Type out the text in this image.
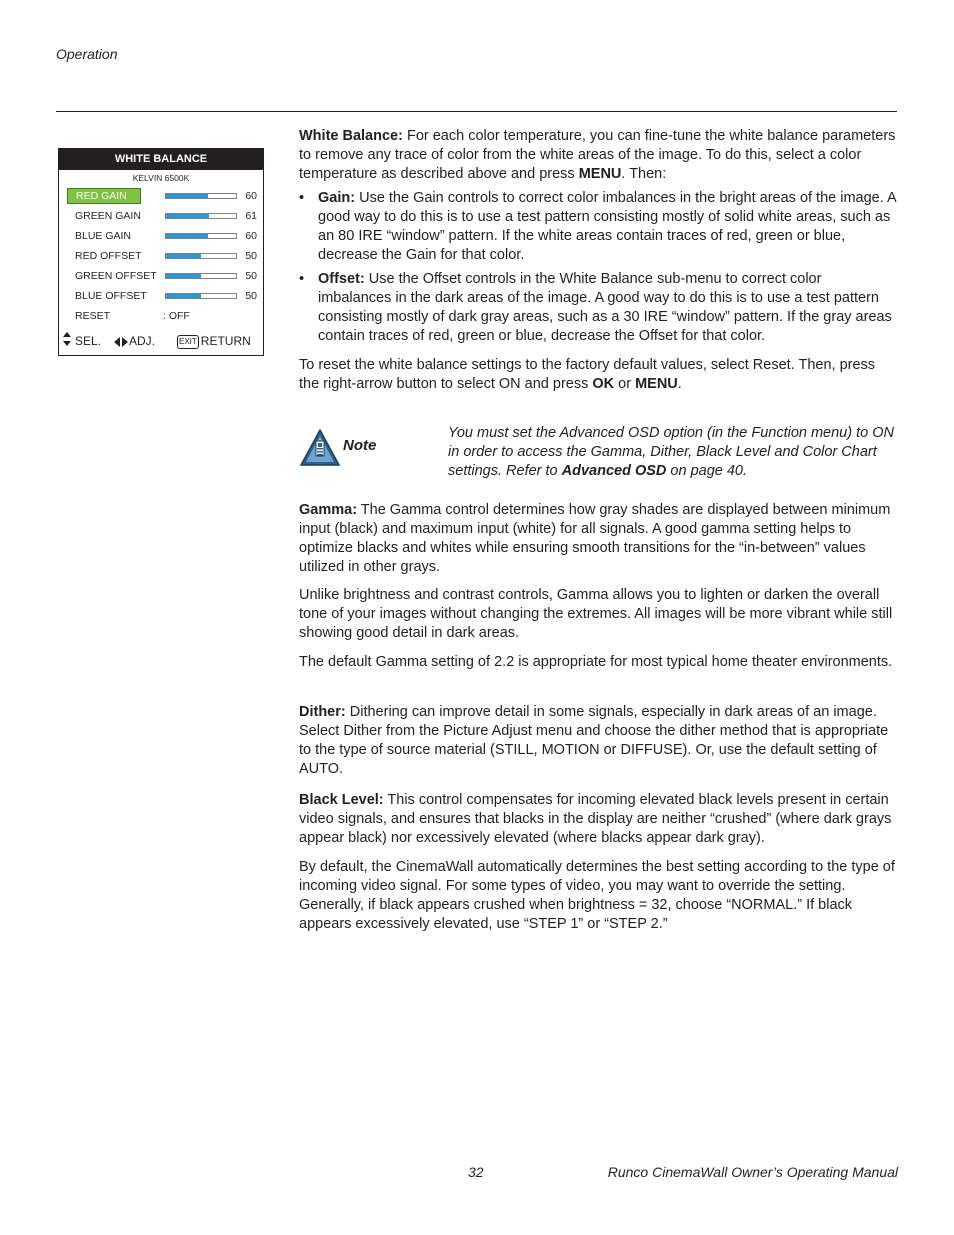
Operation
WHITE BALANCE
KELVIN 6500K
RED GAIN	60
GREEN GAIN	61
BLUE GAIN	60
RED OFFSET	50
GREEN OFFSET	50
BLUE OFFSET	50
RESET	: OFF
SEL. ADJ.	EXIT RETURN

White Balance: For each color temperature, you can fine-tune the white balance parameters to remove any trace of color from the white areas of the image. To do this, select a color temperature as described above and press MENU. Then:

• Gain: Use the Gain controls to correct color imbalances in the bright areas of the image. A good way to do this is to use a test pattern consisting mostly of solid white areas, such as an 80 IRE “window” pattern. If the white areas contain traces of red, green or blue, decrease the Gain for that color.
• Offset: Use the Offset controls in the White Balance sub-menu to correct color imbalances in the dark areas of the image. A good way to do this is to use a test pattern consisting mostly of dark gray areas, such as a 30 IRE “window” pattern. If the gray areas contain traces of red, green or blue, decrease the Offset for that color.

To reset the white balance settings to the factory default values, select Reset. Then, press the right-arrow button to select ON and press OK or MENU.

Note
You must set the Advanced OSD option (in the Function menu) to ON in order to access the Gamma, Dither, Black Level and Color Chart settings. Refer to Advanced OSD on page 40.

Gamma: The Gamma control determines how gray shades are displayed between minimum input (black) and maximum input (white) for all signals. A good gamma setting helps to optimize blacks and whites while ensuring smooth transitions for the “in-between” values utilized in other grays.

Unlike brightness and contrast controls, Gamma allows you to lighten or darken the overall tone of your images without changing the extremes. All images will be more vibrant while still showing good detail in dark areas.
The default Gamma setting of 2.2 is appropriate for most typical home theater environments.

Dither: Dithering can improve detail in some signals, especially in dark areas of an image. Select Dither from the Picture Adjust menu and choose the dither method that is appropriate to the type of source material (STILL, MOTION or DIFFUSE). Or, use the default setting of AUTO.

Black Level: This control compensates for incoming elevated black levels present in certain video signals, and ensures that blacks in the display are neither “crushed” (where dark grays appear black) nor excessively elevated (where blacks appear dark gray).

By default, the CinemaWall automatically determines the best setting according to the type of incoming video signal. For some types of video, you may want to override the setting. Generally, if black appears crushed when brightness = 32, choose “NORMAL.” If black appears excessively elevated, use “STEP 1” or “STEP 2.”
32	Runco CinemaWall Owner’s Operating Manual
